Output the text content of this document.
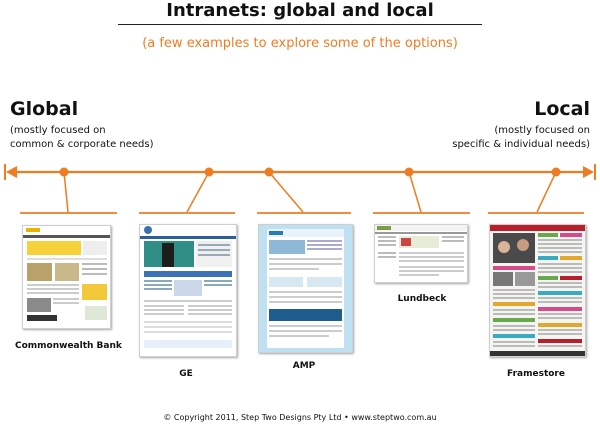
Intranets: global and local
(a few examples to explore some of the options)
Global
(mostly focused on
common & corporate needs)
Local
(mostly focused on
specific & individual needs)
Commonwealth Bank
GE
AMP
Lundbeck
Framestore
© Copyright 2011, Step Two Designs Pty Ltd • www.steptwo.com.au
